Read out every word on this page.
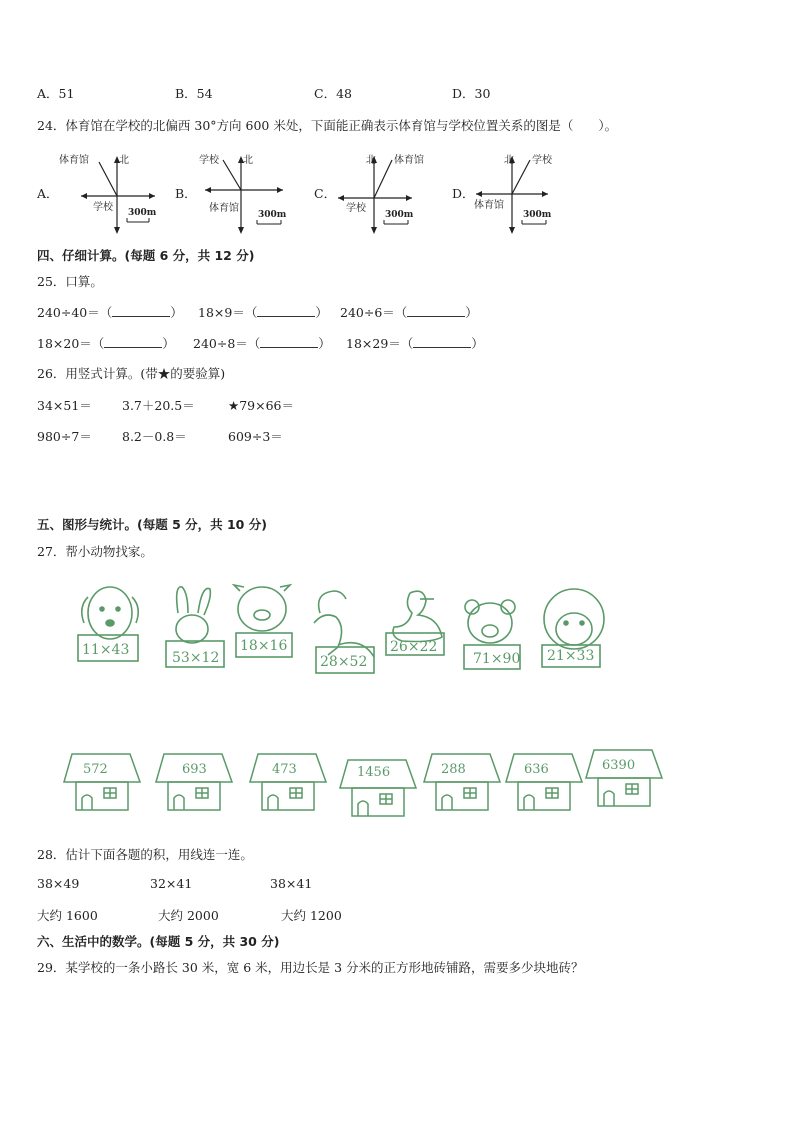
A．51	B．54	C．48	D．30
24．体育馆在学校的北偏西 30°方向 600 米处，下面能正确表示体育馆与学校位置关系的图是（　　）。
A．
体育馆	北
学校 300m
B．
学校 北
体育馆
300m
C．
体育馆
北
学校
300m
D．
学校
北
体育馆
300m
四、仔细计算。(每题 6 分，共 12 分)
25．口算。
240÷40＝（	） 18×9＝（	） 240÷6＝（	）
18×20＝（	） 240÷8＝（	） 18×29＝（	）
26．用竖式计算。(带★的要验算)
34×51＝ 3.7＋20.5＝	★79×66＝
980÷7＝ 8.2－0.8＝	609÷3＝
五、图形与统计。(每题 5 分，共 10 分)
27．帮小动物找家。
11×43	53×12
18×16
28×52
26×22
71×90 21×33
572	693	473	1456	288	636	6390
28．估计下面各题的积，用线连一连。
38×49	32×41	38×41
大约 1600	大约 2000	大约 1200
六、生活中的数学。(每题 5 分，共 30 分)
29．某学校的一条小路长 30 米，宽 6 米，用边长是 3 分米的正方形地砖铺路，需要多少块地砖？
